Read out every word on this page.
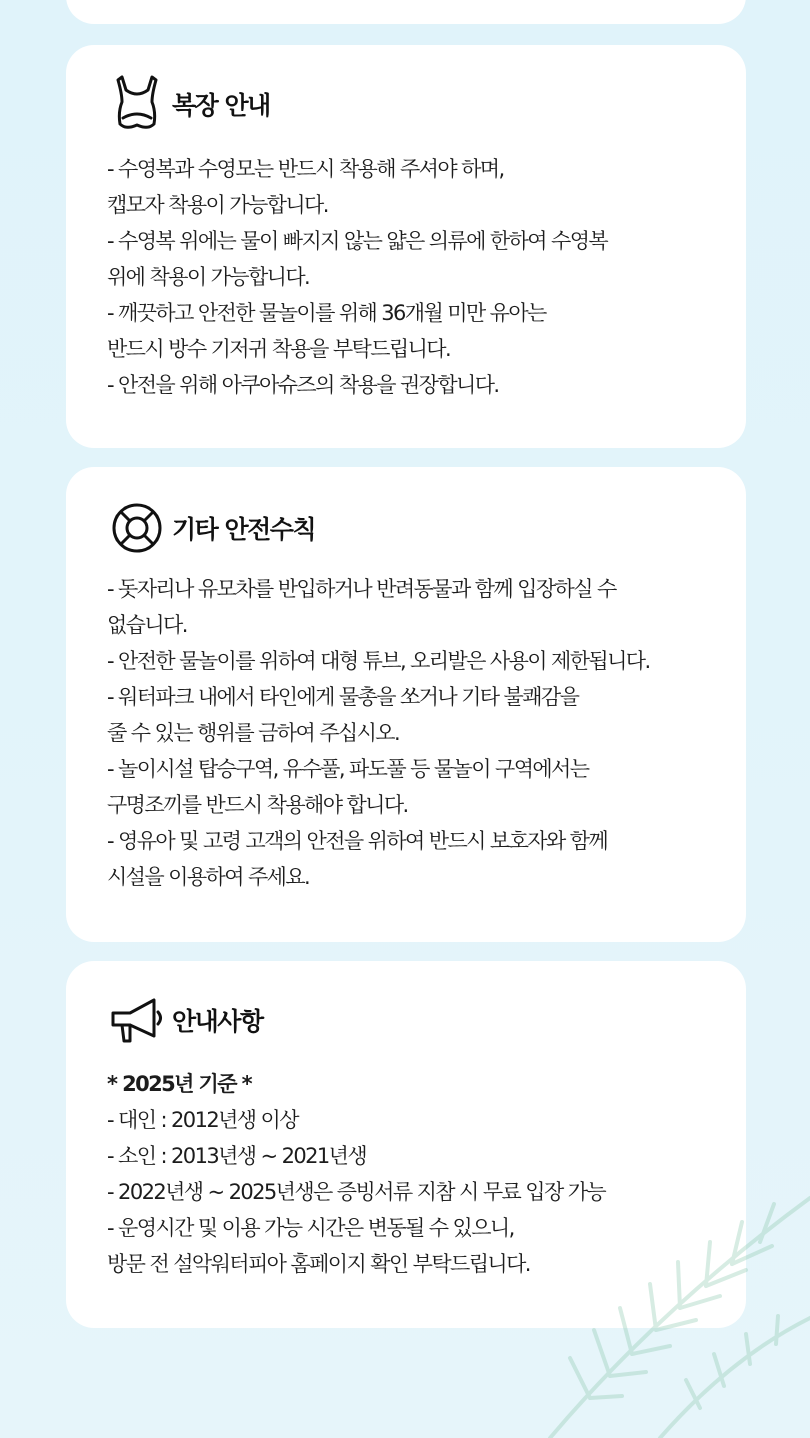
복장 안내
- 수영복과 수영모는 반드시 착용해 주셔야 하며,
캡모자 착용이 가능합니다.
- 수영복 위에는 물이 빠지지 않는 얇은 의류에 한하여 수영복
위에 착용이 가능합니다.
- 깨끗하고 안전한 물놀이를 위해 36개월 미만 유아는
반드시 방수 기저귀 착용을 부탁드립니다.
- 안전을 위해 아쿠아슈즈의 착용을 권장합니다.
기타 안전수칙
- 돗자리나 유모차를 반입하거나 반려동물과 함께 입장하실 수
없습니다.
- 안전한 물놀이를 위하여 대형 튜브, 오리발은 사용이 제한됩니다.
- 워터파크 내에서 타인에게 물총을 쏘거나 기타 불쾌감을
줄 수 있는 행위를 금하여 주십시오.
- 놀이시설 탑승구역, 유수풀, 파도풀 등 물놀이 구역에서는
구명조끼를 반드시 착용해야 합니다.
- 영유아 및 고령 고객의 안전을 위하여 반드시 보호자와 함께
시설을 이용하여 주세요.
안내사항
* 2025년 기준 *
- 대인 : 2012년생 이상
- 소인 : 2013년생 ~ 2021년생
- 2022년생 ~ 2025년생은 증빙서류 지참 시 무료 입장 가능
- 운영시간 및 이용 가능 시간은 변동될 수 있으니,
방문 전 설악워터피아 홈페이지 확인 부탁드립니다.
